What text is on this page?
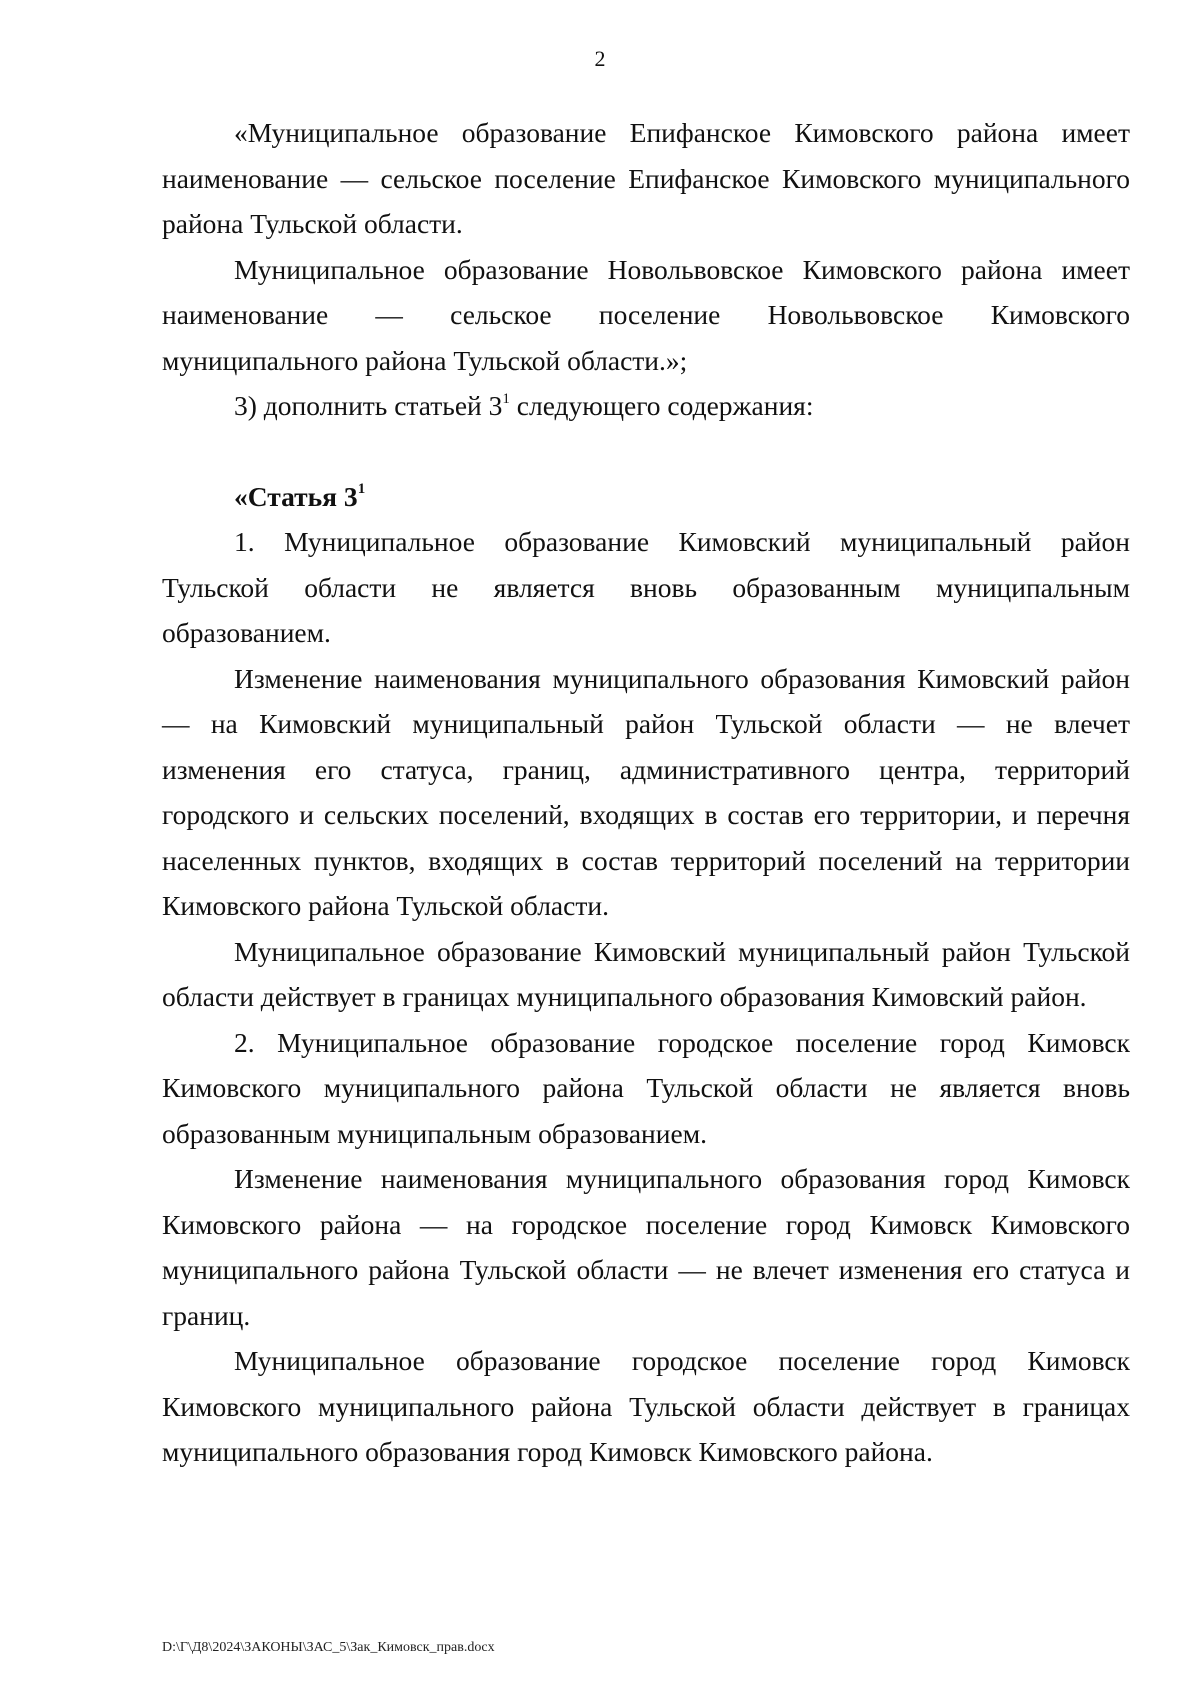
2

«Муниципальное образование Епифанское Кимовского района имеет наименование — сельское поселение Епифанское Кимовского муниципального района Тульской области.

Муниципальное образование Новольвовское Кимовского района имеет наименование — сельское поселение Новольвовское Кимовского муниципального района Тульской области.»;

3) дополнить статьей $3^1$ следующего содержания:

«Статья $3^1$

1. Муниципальное образование Кимовский муниципальный район Тульской области не является вновь образованным муниципальным образованием.

Изменение наименования муниципального образования Кимовский район — на Кимовский муниципальный район Тульской области — не влечет изменения его статуса, границ, административного центра, территорий городского и сельских поселений, входящих в состав его территории, и перечня населенных пунктов, входящих в состав территорий поселений на территории Кимовского района Тульской области.

Муниципальное образование Кимовский муниципальный район Тульской области действует в границах муниципального образования Кимовский район.

2. Муниципальное образование городское поселение город Кимовск Кимовского муниципального района Тульской области не является вновь образованным муниципальным образованием.

Изменение наименования муниципального образования город Кимовск Кимовского района — на городское поселение город Кимовск Кимовского муниципального района Тульской области — не влечет изменения его статуса и границ.

Муниципальное образование городское поселение город Кимовск Кимовского муниципального района Тульской области действует в границах муниципального образования город Кимовск Кимовского района.

D:\Г\Д8\2024\ЗАКОНЫ\ЗАС_5\Зак_Кимовск_прав.docx
